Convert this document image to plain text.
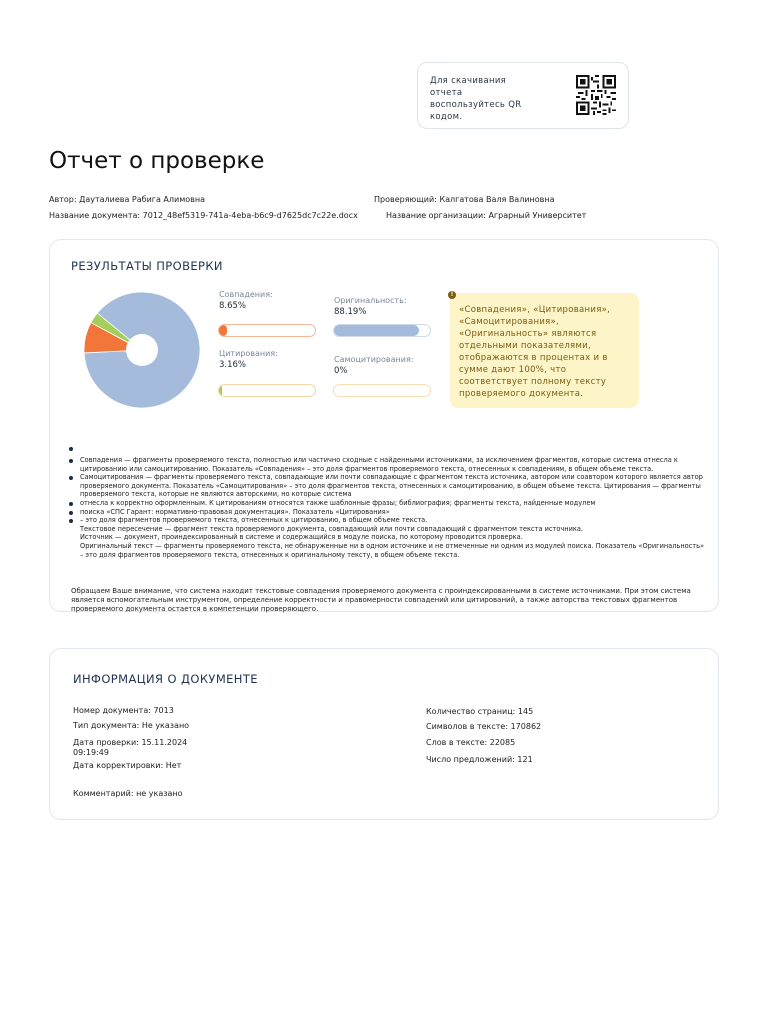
Для скачивания отчета воспользуйтесь QR кодом.
Отчет о проверке
Автор: Дауталиева Рабига Алимовна	Проверяющий: Калгатова Валя Валиновна
Название документа: 7012_48ef5319-741a-4eba-b6c9-d7625dc7c22e.docx	Название организации: Аграрный Университет
РЕЗУЛЬТАТЫ ПРОВЕРКИ
Совпадения:
8.65%
Оригинальность:
88.19%
Цитирования:
3.16%
Самоцитирования:
0%
«Совпадения», «Цитирования», «Самоцитирования», «Оригинальность» являются отдельными показателями, отображаются в процентах и в сумме дают 100%, что соответствует полному тексту проверяемого документа.
!
Совпадения — фрагменты проверяемого текста, полностью или частично сходные с найденными источниками, за исключением фрагментов, которые система отнесла к цитированию или самоцитированию. Показатель «Совпадения» – это доля фрагментов проверяемого текста, отнесенных к совпадениям, в общем объеме текста.
Самоцитирования — фрагменты проверяемого текста, совпадающие или почти совпадающие с фрагментом текста источника, автором или соавтором которого является автор проверяемого документа. Показатель «Самоцитирования» – это доля фрагментов текста, отнесенных к самоцитированию, в общем объеме текста. Цитирования — фрагменты проверяемого текста, которые не являются авторскими, но которые система
отнесла к корректно оформленным. К цитированиям относятся также шаблонные фразы; библиография; фрагменты текста, найденные модулем
поиска «СПС Гарант: нормативно-правовая документация». Показатель «Цитирования»
– это доля фрагментов проверяемого текста, отнесенных к цитированию, в общем объеме текста.
Текстовое пересечение — фрагмент текста проверяемого документа, совпадающий или почти совпадающий с фрагментом текста источника.
Источник — документ, проиндексированный в системе и содержащийся в модуле поиска, по которому проводится проверка.
Оригинальный текст — фрагменты проверяемого текста, не обнаруженные ни в одном источнике и не отмеченные ни одним из модулей поиска. Показатель «Оригинальность» – это доля фрагментов проверяемого текста, отнесенных к оригинальному тексту, в общем объеме текста.
Обращаем Ваше внимание, что система находит текстовые совпадения проверяемого документа с проиндексированными в системе источниками. При этом система является вспомогательным инструментом, определение корректности и правомерности совпадений или цитирований, а также авторства текстовых фрагментов проверяемого документа остается в компетенции проверяющего.
ИНФОРМАЦИЯ О ДОКУМЕНТЕ
Номер документа: 7013
Тип документа: Не указано
Дата проверки: 15.11.2024 09:19:49
Дата корректировки: Нет
Комментарий: не указано
Количество страниц: 145
Символов в тексте: 170862
Слов в тексте: 22085
Число предложений: 121
